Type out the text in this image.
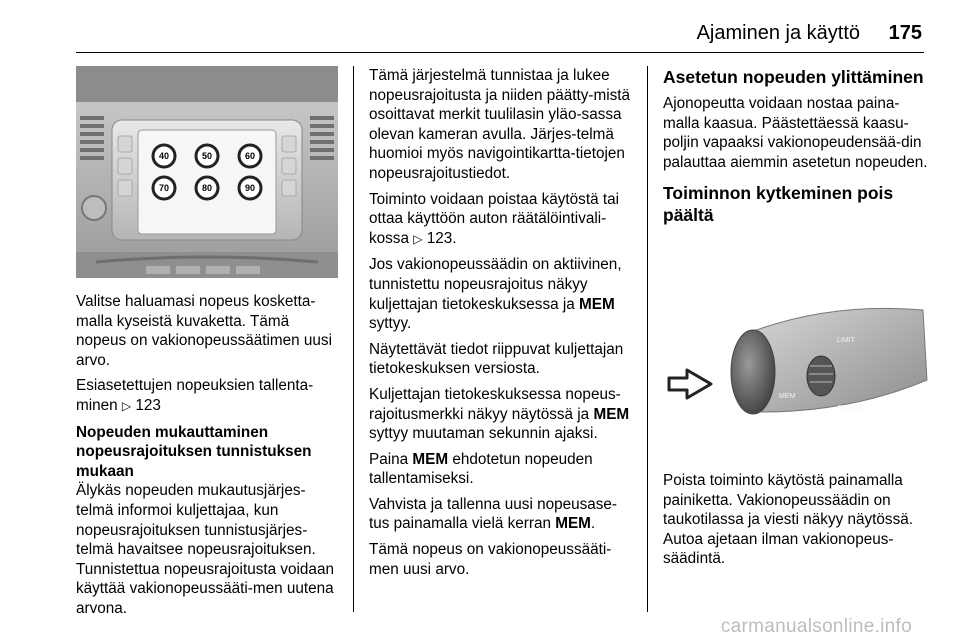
Ajaminen ja käyttö 175
40	50	60
70	80	90

Valitse haluamasi nopeus kosketta-malla kyseistä kuvaketta. Tämä nopeus on vakionopeussäätimen uusi arvo.

Esiasetettujen nopeuksien tallenta-minen ▷ 123

Nopeuden mukauttaminen nopeusrajoituksen tunnistuksen mukaan

Älykäs nopeuden mukautusjärjes-telmä informoi kuljettajaa, kun nopeusrajoituksen tunnistusjärjes-telmä havaitsee nopeusrajoituksen. Tunnistettua nopeusrajoitusta voidaan käyttää vakionopeussääti-men uutena arvona.

Tämä järjestelmä tunnistaa ja lukee nopeusrajoitusta ja niiden päätty-mistä osoittavat merkit tuulilasin yläo-sassa olevan kameran avulla. Järjes-telmä huomioi myös navigointikartta-tietojen nopeusrajoitustiedot.

Toiminto voidaan poistaa käytöstä tai ottaa käyttöön auton räätälöintivali-kossa ▷ 123.

Jos vakionopeussäädin on aktiivinen, tunnistettu nopeusrajoitus näkyy kuljettajan tietokeskuksessa ja MEM syttyy.

Näytettävät tiedot riippuvat kuljettajan tietokeskuksen versiosta.

Kuljettajan tietokeskuksessa nopeus-rajoitusmerkki näkyy näytössä ja MEM syttyy muutaman sekunnin ajaksi.

Paina MEM ehdotetun nopeuden tallentamiseksi.

Vahvista ja tallenna uusi nopeusase-tus painamalla vielä kerran MEM.

Tämä nopeus on vakionopeussääti-men uusi arvo.

Asetetun nopeuden ylittäminen

Ajonopeutta voidaan nostaa paina-malla kaasua. Päästettäessä kaasu-poljin vapaaksi vakionopeudensää-din palauttaa aiemmin asetetun nopeuden.

Toiminnon kytkeminen pois päältä
LIMIT
CRUISE
MEM

Poista toiminto käytöstä painamalla painiketta. Vakionopeussäädin on taukotilassa ja viesti näkyy näytössä. Autoa ajetaan ilman vakionopeus-säädintä.

carmanualsonline.info
